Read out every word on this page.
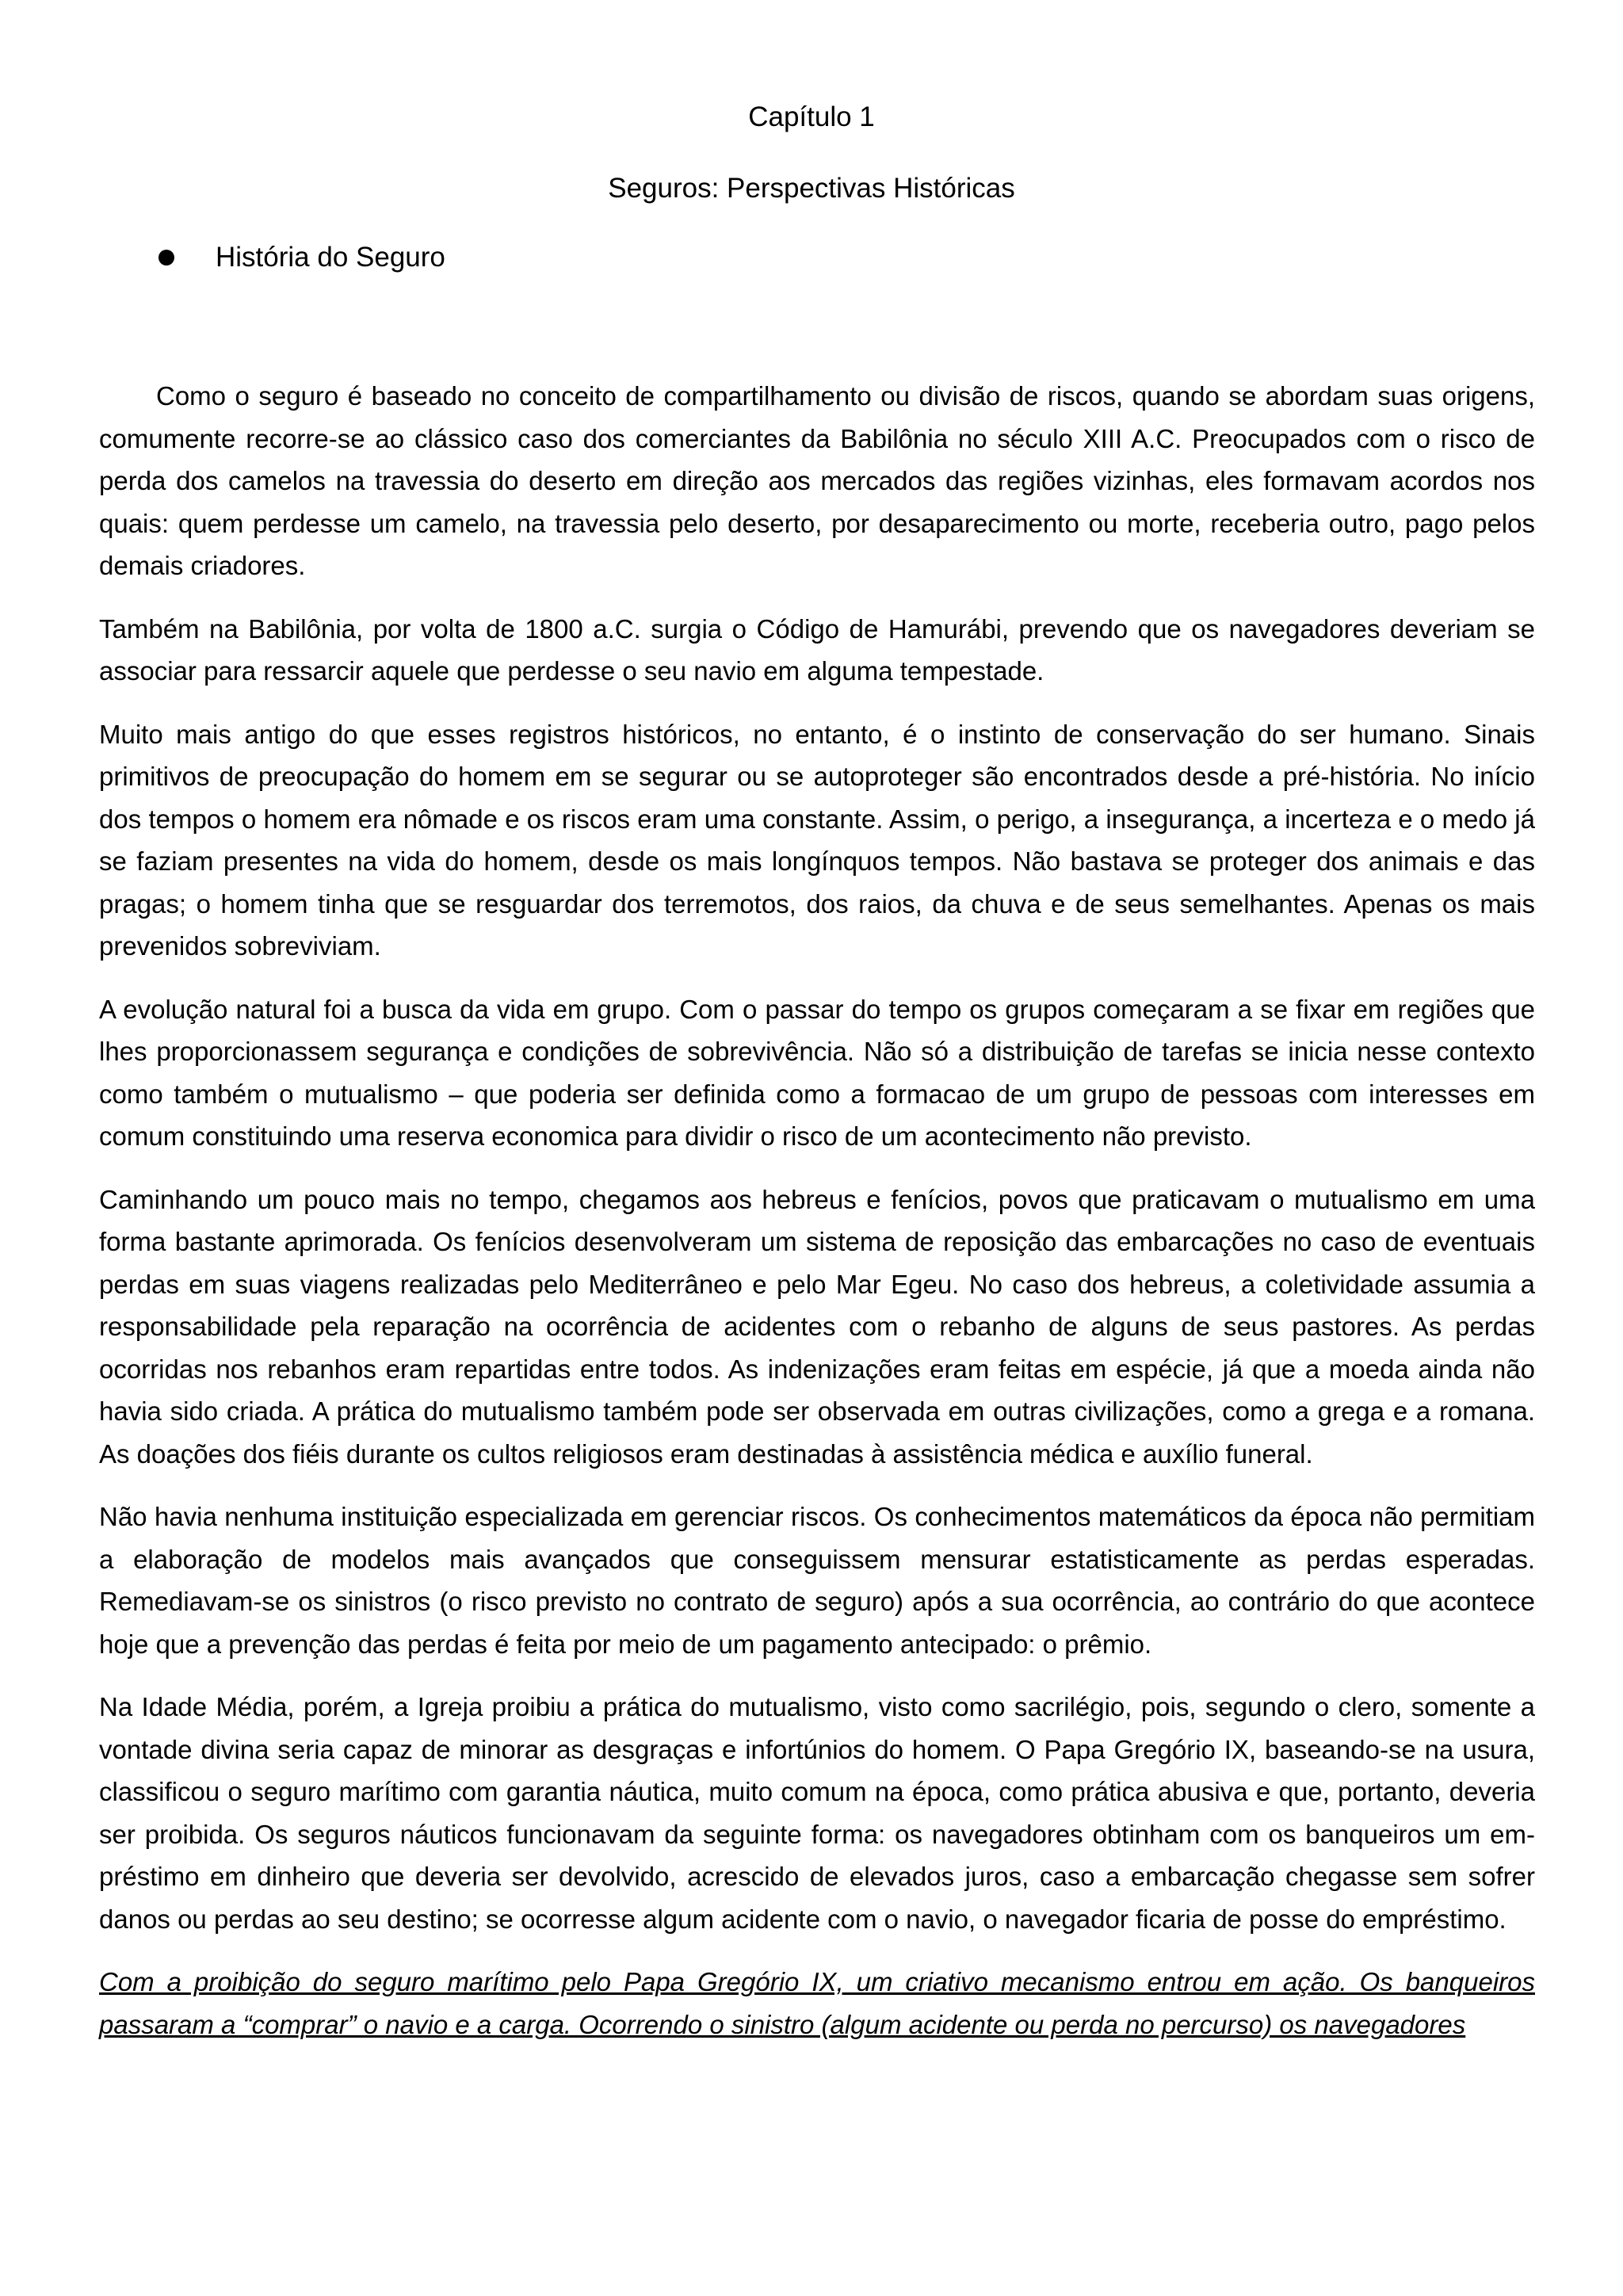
Capítulo 1
Seguros: Perspectivas Históricas
História do Seguro

Como o seguro é baseado no conceito de compartilhamento ou divisão de riscos, quando se abordam suas origens, comumente recorre-se ao clássico caso dos comerciantes da Babilônia no século XIII A.C. Preocupados com o risco de perda dos camelos na travessia do deserto em direção aos mercados das regiões vizinhas, eles formavam acordos nos quais: quem perdesse um camelo, na travessia pelo deserto, por desaparecimento ou morte, receberia outro, pago pelos demais criadores.

Também na Babilônia, por volta de 1800 a.C. surgia o Código de Hamurábi, prevendo que os navegadores deveriam se associar para ressarcir aquele que perdesse o seu navio em alguma tempestade.

Muito mais antigo do que esses registros históricos, no entanto, é o instinto de conservação do ser humano. Sinais primitivos de preocupação do homem em se segurar ou se autoproteger são encontrados desde a pré-história. No início dos tempos o homem era nômade e os riscos eram uma constante. Assim, o perigo, a insegurança, a incerteza e o medo já se faziam presentes na vida do homem, desde os mais longínquos tempos. Não bastava se proteger dos animais e das pragas; o homem tinha que se resguardar dos terremotos, dos raios, da chuva e de seus semelhantes. Apenas os mais prevenidos sobreviviam.

A evolução natural foi a busca da vida em grupo. Com o passar do tempo os grupos começaram a se fixar em regiões que lhes proporcionassem segurança e condições de sobrevivência. Não só a distribuição de tarefas se inicia nesse contexto como também o mutualismo – que poderia ser definida como a formacao de um grupo de pessoas com interesses em comum constituindo uma reserva economica para dividir o risco de um acontecimento não previsto.

Caminhando um pouco mais no tempo, chegamos aos hebreus e fenícios, povos que praticavam o mutualismo em uma forma bastante aprimorada. Os fenícios desenvolveram um sistema de reposição das embarcações no caso de eventuais perdas em suas viagens realizadas pelo Mediterrâneo e pelo Mar Egeu. No caso dos hebreus, a coletividade assumia a responsabilidade pela reparação na ocorrência de acidentes com o rebanho de alguns de seus pastores. As perdas ocorridas nos rebanhos eram repartidas entre todos. As indenizações eram feitas em espécie, já que a moeda ainda não havia sido criada. A prática do mutualismo também pode ser observada em outras civilizações, como a grega e a romana. As doações dos fiéis durante os cultos religiosos eram destinadas à assistência médica e auxílio funeral.

Não havia nenhuma instituição especializada em gerenciar riscos. Os conhecimentos matemáticos da época não permitiam a elaboração de modelos mais avançados que conseguissem mensurar estatisticamente as perdas esperadas. Remediavam-se os sinistros (o risco previsto no contrato de seguro) após a sua ocorrência, ao contrário do que acontece hoje que a prevenção das perdas é feita por meio de um pagamento antecipado: o prêmio.

Na Idade Média, porém, a Igreja proibiu a prática do mutualismo, visto como sacrilégio, pois, segundo o clero, somente a vontade divina seria capaz de minorar as desgraças e infortúnios do homem. O Papa Gregório IX, baseando-se na usura, classificou o seguro marítimo com garantia náutica, muito comum na época, como prática abusiva e que, portanto, deveria ser proibida. Os seguros náuticos funcionavam da seguinte forma: os navegadores obtinham com os banqueiros um em- préstimo em dinheiro que deveria ser devolvido, acrescido de elevados juros, caso a embarcação chegasse sem sofrer danos ou perdas ao seu destino; se ocorresse algum acidente com o navio, o navegador ficaria de posse do empréstimo.

Com a proibição do seguro marítimo pelo Papa Gregório IX, um criativo mecanismo entrou em ação. Os banqueiros passaram a “comprar” o navio e a carga. Ocorrendo o sinistro (algum acidente ou perda no percurso) os navegadores
